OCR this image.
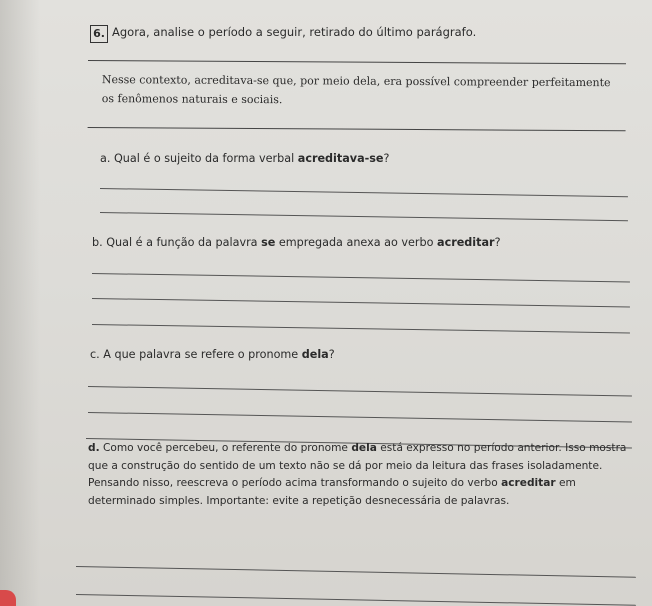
6. Agora, analise o período a seguir, retirado do último parágrafo.
Nesse contexto, acreditava-se que, por meio dela, era possível compreender perfeitamente os fenômenos naturais e sociais.
a. Qual é o sujeito da forma verbal acreditava-se?
b. Qual é a função da palavra se empregada anexa ao verbo acreditar?
c. A que palavra se refere o pronome dela?
d. Como você percebeu, o referente do pronome dela está expresso no período anterior. Isso mostra que a construção do sentido de um texto não se dá por meio da leitura das frases isoladamente. Pensando nisso, reescreva o período acima transformando o sujeito do verbo acreditar em determinado simples. Importante: evite a repetição desnecessária de palavras.
